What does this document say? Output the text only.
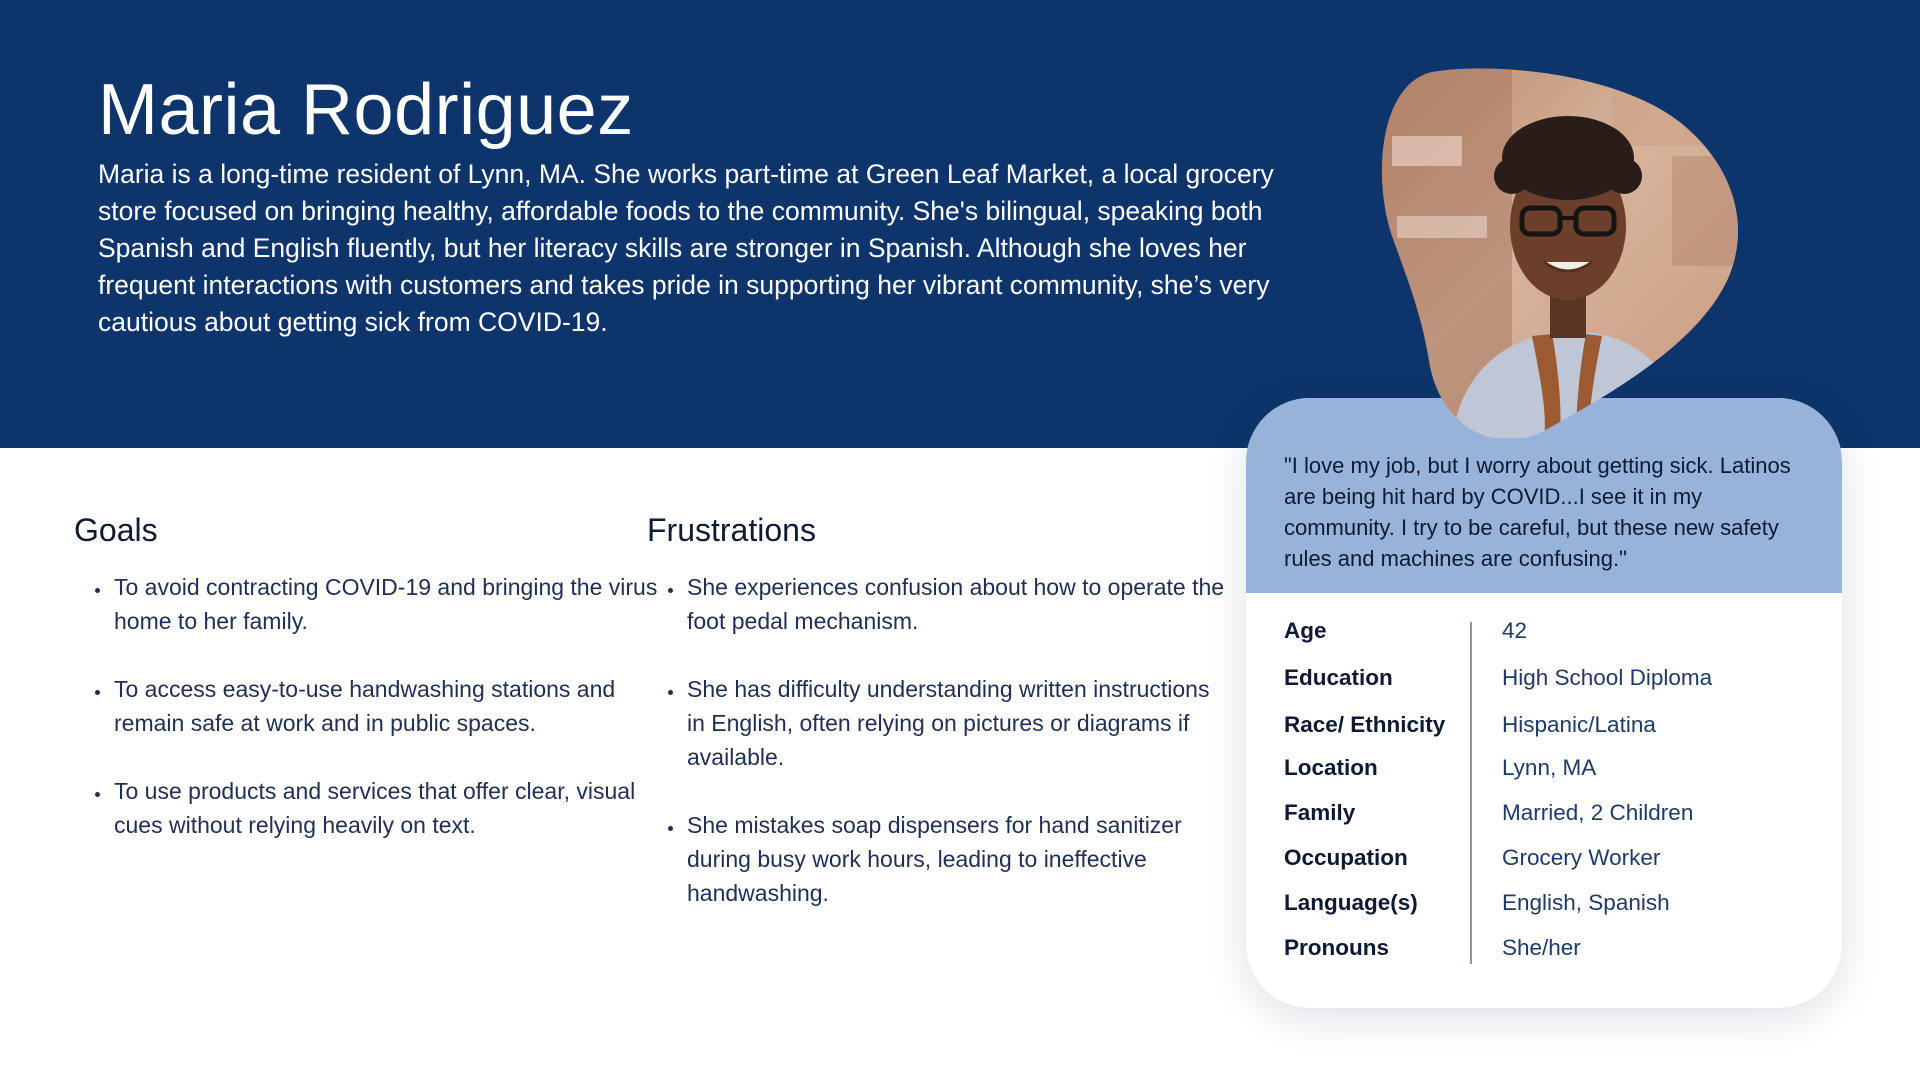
Maria Rodriguez

Maria is a long-time resident of Lynn, MA. She works part-time at Green Leaf Market, a local grocery store focused on bringing healthy, affordable foods to the community. She's bilingual, speaking both Spanish and English fluently, but her literacy skills are stronger in Spanish. Although she loves her frequent interactions with customers and takes pride in supporting her vibrant community, she’s very cautious about getting sick from COVID-19.

Goals
• To avoid contracting COVID-19 and bringing the virus home to her family.
• To access easy-to-use handwashing stations and remain safe at work and in public spaces.
• To use products and services that offer clear, visual cues without relying heavily on text.
Frustrations
• She experiences confusion about how to operate the foot pedal mechanism.
• She has difficulty understanding written instructions in English, often relying on pictures or diagrams if available.
• She mistakes soap dispensers for hand sanitizer during busy work hours, leading to ineffective handwashing.

"I love my job, but I worry about getting sick. Latinos are being hit hard by COVID...I see it in my community. I try to be careful, but these new safety rules and machines are confusing."

Age	42
Education	High School Diploma
Race/ Ethnicity	Hispanic/Latina
Location	Lynn, MA
Family	Married, 2 Children
Occupation	Grocery Worker
Language(s)	English, Spanish
Pronouns	She/her
